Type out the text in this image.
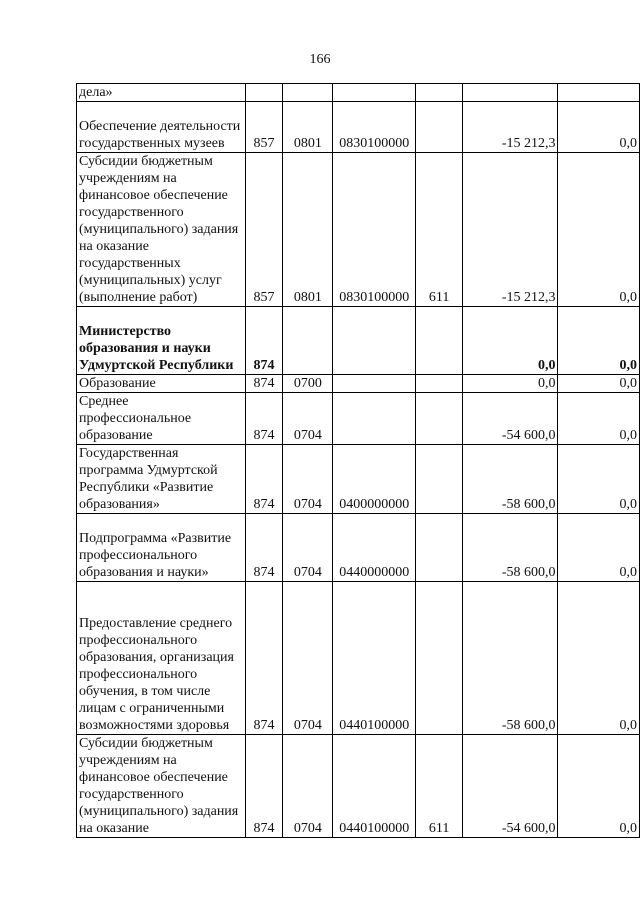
166
дела»						
Обеспечение деятельности государственных музеев	857	0801	0830100000		-15 212,3	0,0
Субсидии бюджетным учреждениям на финансовое обеспечение государственного (муниципального) задания на оказание государственных (муниципальных) услуг (выполнение работ)	857	0801	0830100000	611	-15 212,3	0,0
Министерство образования и науки Удмуртской Республики	874				0,0	0,0
Образование	874	0700			0,0	0,0
Среднее профессиональное образование	874	0704			-54 600,0	0,0
Государственная программа Удмуртской Республики «Развитие образования»	874	0704	0400000000		-58 600,0	0,0
Подпрограмма «Развитие профессионального образования и науки»	874	0704	0440000000		-58 600,0	0,0
Предоставление среднего профессионального образования, организация профессионального обучения, в том числе лицам с ограниченными возможностями здоровья	874	0704	0440100000		-58 600,0	0,0
Субсидии бюджетным учреждениям на финансовое обеспечение государственного (муниципального) задания на оказание	874	0704	0440100000	611	-54 600,0	0,0
